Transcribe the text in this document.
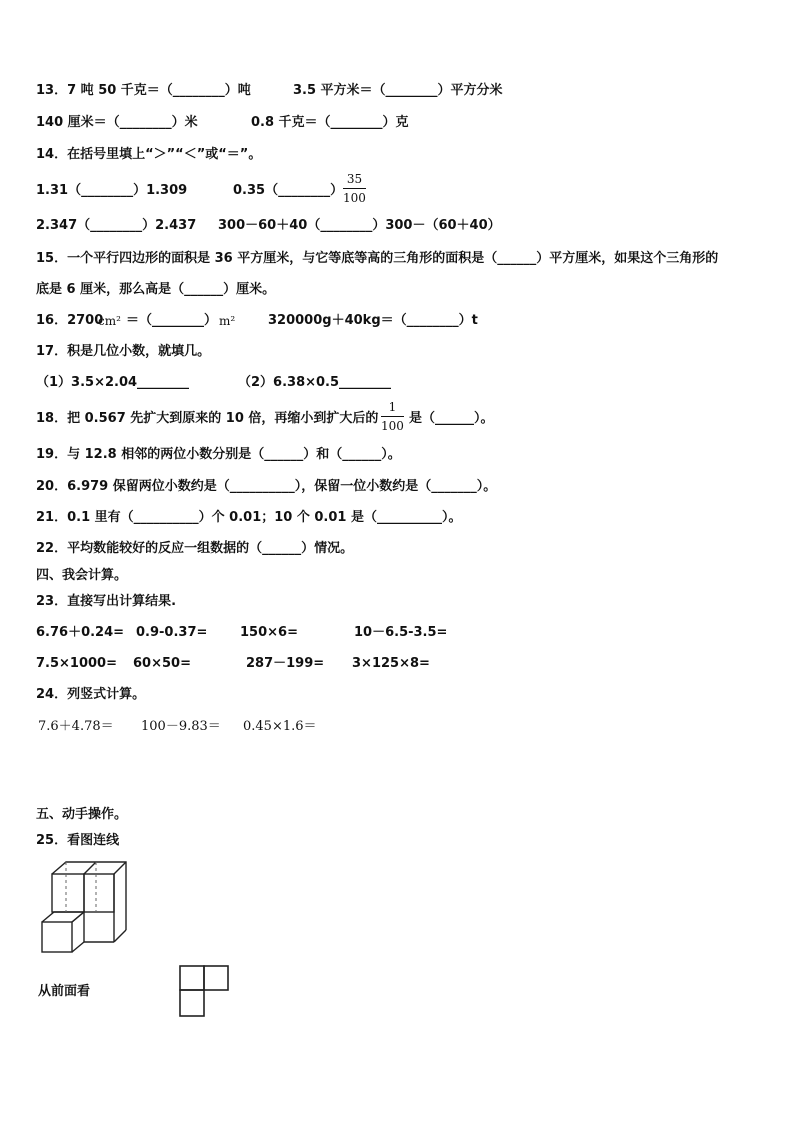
13．7 吨 50 千克＝（________）吨	3.5 平方米＝（________）平方分米
140 厘米＝（________）米	0.8 千克＝（________）克
14．在括号里填上“＞”“＜”或“＝”。
1.31（________）1.309	0.35（________）
35
100
2.347（________）2.437 300－60＋40（________）300－（60＋40）
15．一个平行四边形的面积是 36 平方厘米，与它等底等高的三角形的面积是（______）平方厘米，如果这个三角形的
底是 6 厘米，那么高是（______）厘米。
16．2700
cm² ＝（________） m²	320000g＋40kg＝（________）t
17．积是几位小数，就填几。
（1）3.5×2.04________	（2）6.38×0.5________
18．把 0.567 先扩大到原来的 10 倍，再缩小到扩大后的
1
100 是（______）。
19．与 12.8 相邻的两位小数分别是（______）和（______）。
20．6.979 保留两位小数约是（__________），保留一位小数约是（_______）。
21．0.1 里有（__________）个 0.01；10 个 0.01 是（__________）。
22．平均数能较好的反应一组数据的（______）情况。
四、我会计算。
23．直接写出计算结果.
6.76＋0.24= 0.9-0.37=	150×6=	10－6.5-3.5=
7.5×1000= 60×50=	287－199= 3×125×8=
24．列竖式计算。
7.6＋4.78＝ 100－9.83＝ 0.45×1.6＝
五、动手操作。
25．看图连线
从前面看
